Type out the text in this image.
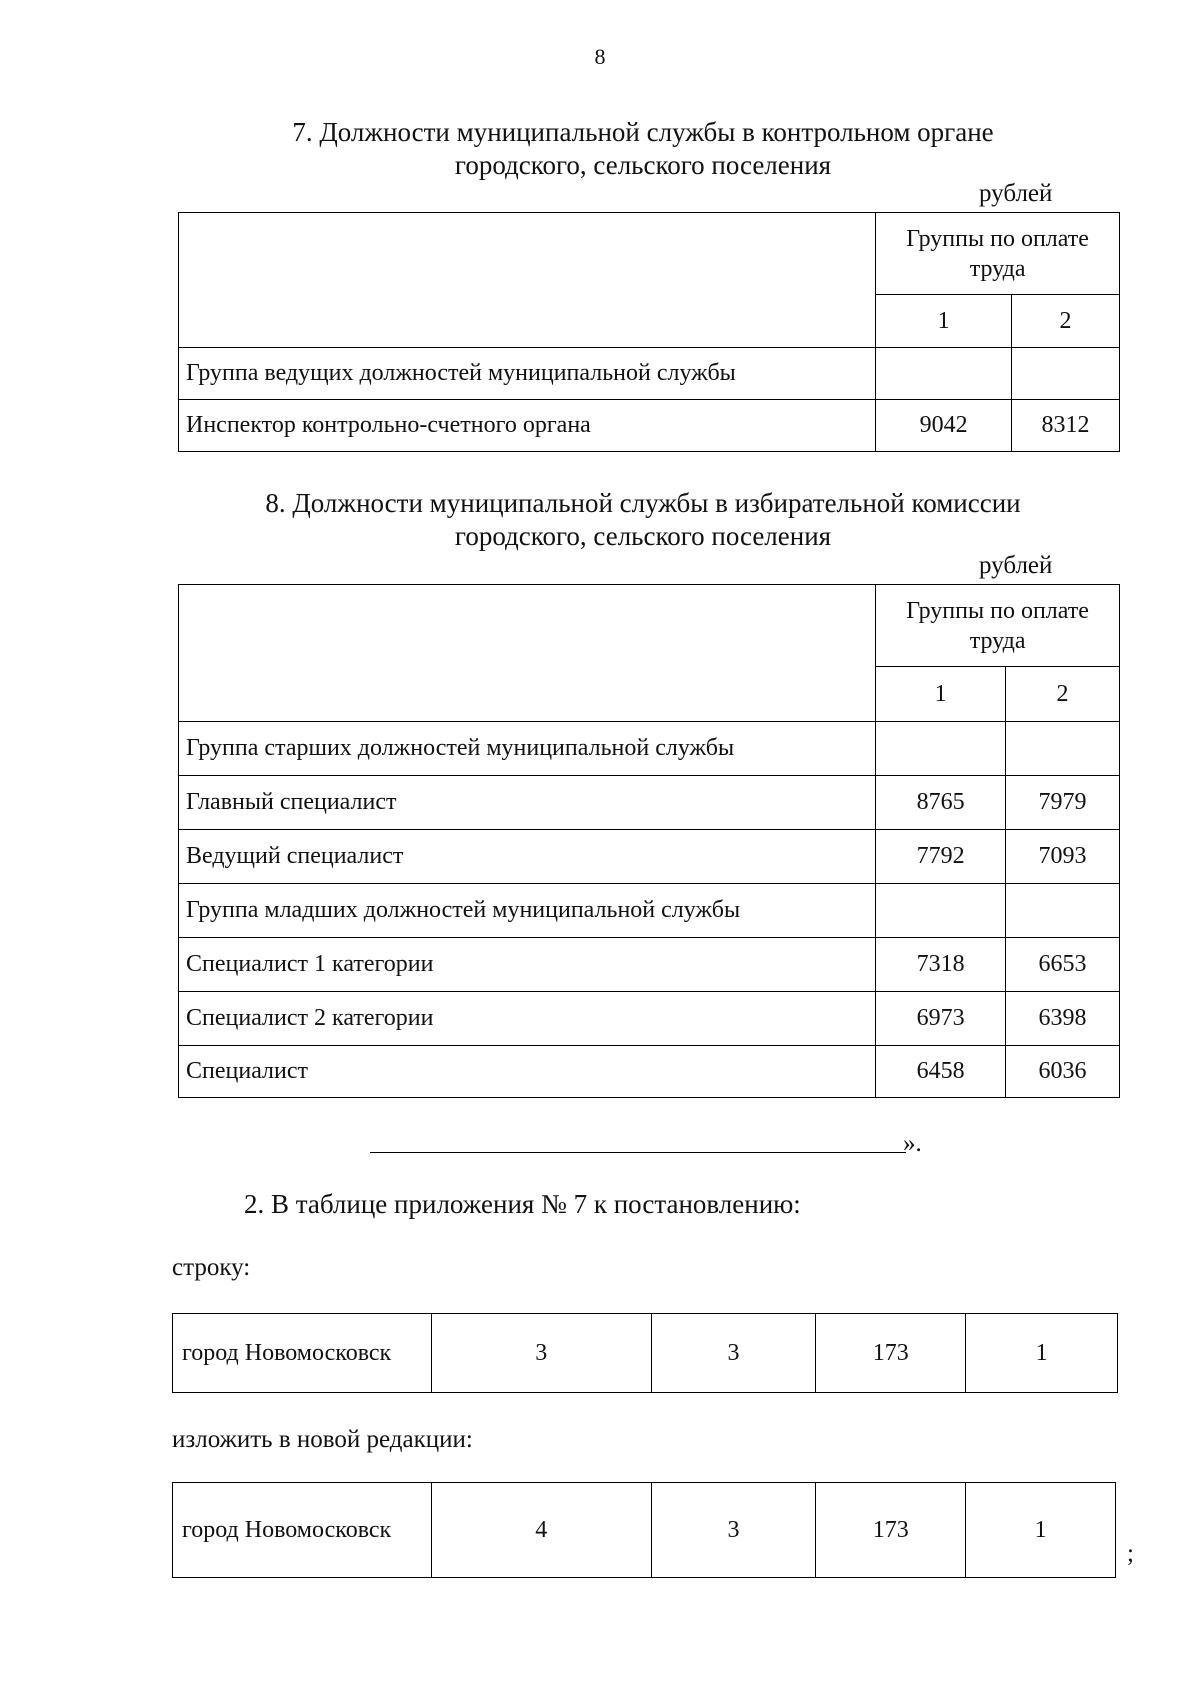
8
7. Должности муниципальной службы в контрольном органе
городского, сельского поселения
рублей
	Группы по оплате труда	
	1	2
Группа ведущих должностей муниципальной службы		
Инспектор контрольно-счетного органа	9042	8312
8. Должности муниципальной службы в избирательной комиссии
городского, сельского поселения
рублей
	Группы по оплате труда	
	1	2
Группа старших должностей муниципальной службы		
Главный специалист	8765	7979
Ведущий специалист	7792	7093
Группа младших должностей муниципальной службы		
Специалист 1 категории	7318	6653
Специалист 2 категории	6973	6398
Специалист	6458	6036
».
2. В таблице приложения № 7 к постановлению:
строку:
город Новомосковск	3	3	173	1
изложить в новой редакции:
город Новомосковск	4	3	173	1
;
